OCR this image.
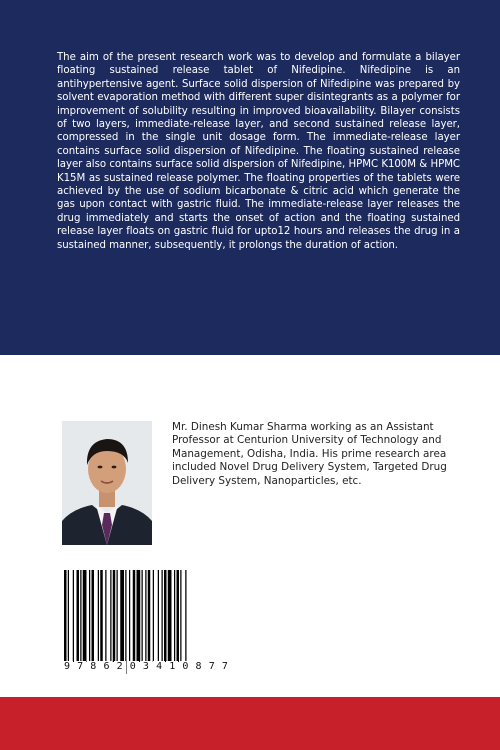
The aim of the present research work was to develop and formulate a bilayer floating sustained release tablet of Nifedipine. Nifedipine is an antihypertensive agent. Surface solid dispersion of Nifedipine was prepared by solvent evaporation method with different super disintegrants as a polymer for improvement of solubility resulting in improved bioavailability. Bilayer consists of two layers, immediate-release layer, and second sustained release layer, compressed in the single unit dosage form. The immediate-release layer contains surface solid dispersion of Nifedipine. The floating sustained release layer also contains surface solid dispersion of Nifedipine, HPMC K100M & HPMC K15M as sustained release polymer. The floating properties of the tablets were achieved by the use of sodium bicarbonate & citric acid which generate the gas upon contact with gastric fluid. The immediate-release layer releases the drug immediately and starts the onset of action and the floating sustained release layer floats on gastric fluid for upto12 hours and releases the drug in a sustained manner, subsequently, it prolongs the duration of action.

Mr. Dinesh Kumar Sharma working as an Assistant Professor at Centurion University of Technology and Management, Odisha, India. His prime research area included Novel Drug Delivery System, Targeted Drug Delivery System, Nanoparticles, etc.

9 7 8 6 2 0 3 4 1 0 8 7 7
